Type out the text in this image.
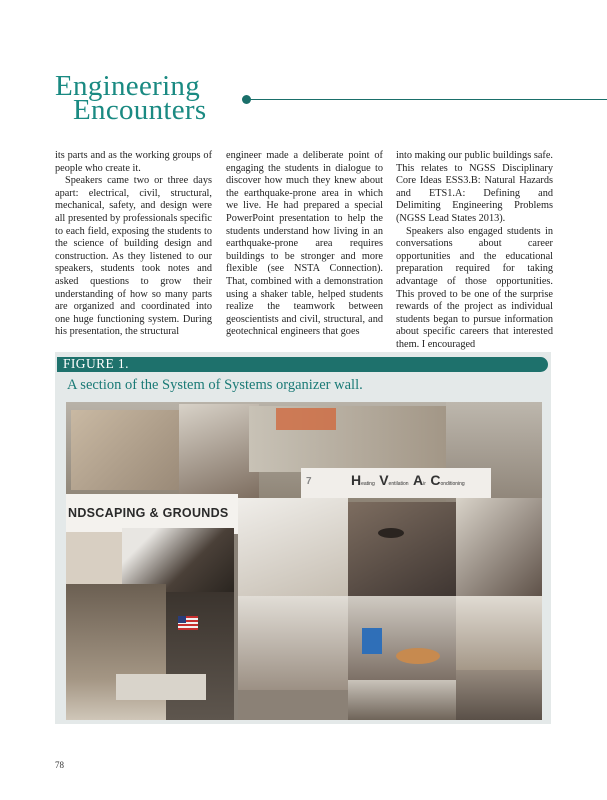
Engineering
Encounters

its parts and as the working groups of people who create it.

Speakers came two or three days apart: electrical, civil, structural, mechanical, safety, and design were all presented by professionals specific to each field, exposing the students to the science of building design and construction. As they listened to our speakers, students took notes and asked questions to grow their understanding of how so many parts are organized and coordinated into one huge functioning system. During his presentation, the structural

engineer made a deliberate point of engaging the students in dialogue to discover how much they knew about the earthquake-prone area in which we live. He had prepared a special PowerPoint presentation to help the students understand how living in an earthquake-prone area requires buildings to be stronger and more flexible (see NSTA Connection). That, combined with a demonstration using a shaker table, helped students realize the teamwork between geoscientists and civil, structural, and geotechnical engineers that goes

into making our public buildings safe. This relates to NGSS Disciplinary Core Ideas ESS3.B: Natural Hazards and ETS1.A: Defining and Delimiting Engineering Problems (NGSS Lead States 2013).

Speakers also engaged students in conversations about career opportunities and the educational preparation required for taking advantage of those opportunities. This proved to be one of the surprise rewards of the project as individual students began to pursue information about specific careers that interested them. I encouraged

FIGURE 1.
A section of the System of Systems organizer wall.
7	Heating Ventilation Air Conditioning
NDSCAPING & GROUNDS
78
